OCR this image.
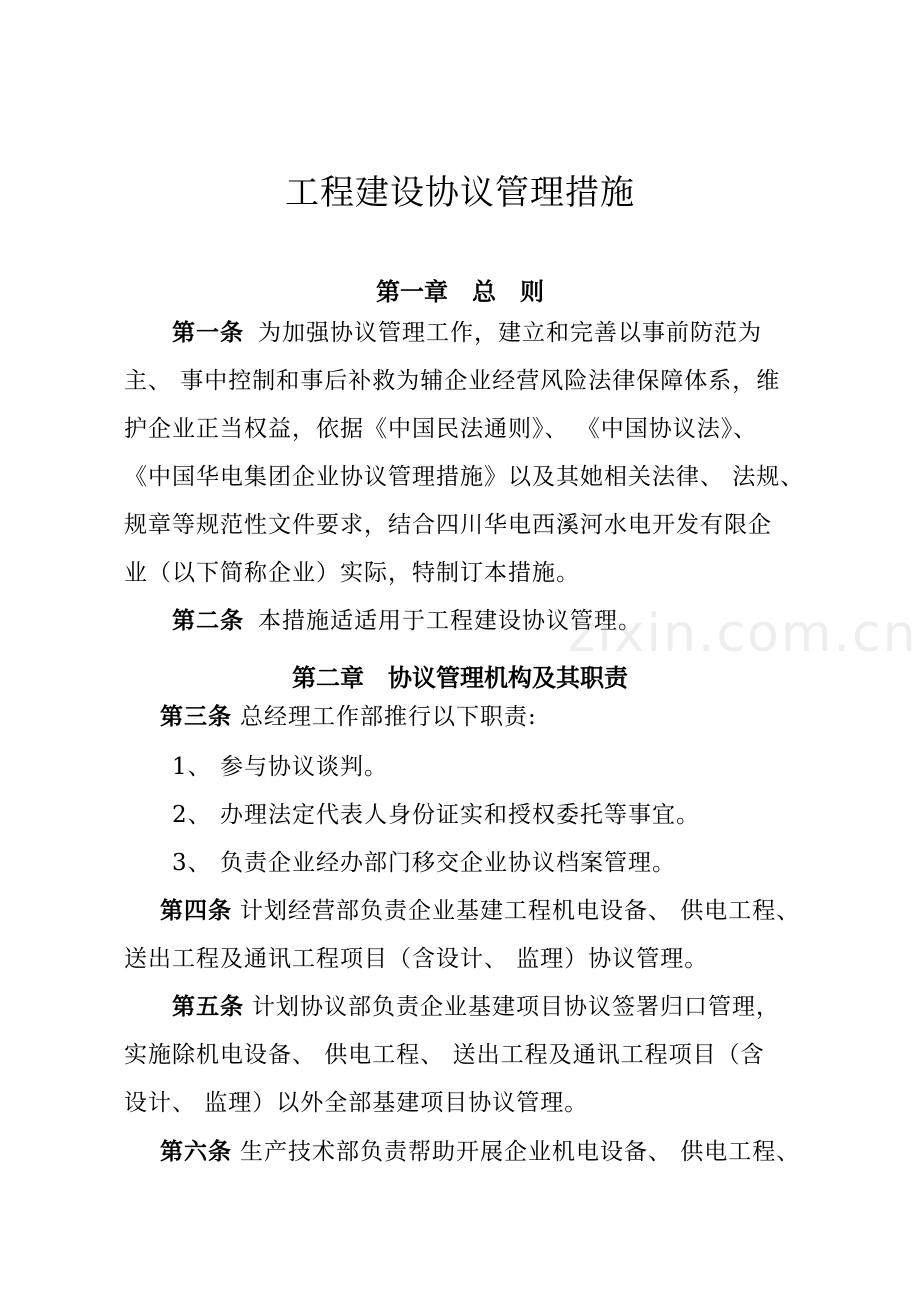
工程建设协议管理措施
第一章　总　则
第一条 为加强协议管理工作，建立和完善以事前防范为
主、 事中控制和事后补救为辅企业经营风险法律保障体系，维
护企业正当权益，依据《中国民法通则》、 《中国协议法》、
《中国华电集团企业协议管理措施》以及其她相关法律、 法规、
规章等规范性文件要求，结合四川华电西溪河水电开发有限企
业（以下简称企业）实际，特制订本措施。
第二条 本措施适适用于工程建设协议管理。
第二章　协议管理机构及其职责
第三条 总经理工作部推行以下职责:
1、 参与协议谈判。
2、 办理法定代表人身份证实和授权委托等事宜。
3、 负责企业经办部门移交企业协议档案管理。
第四条 计划经营部负责企业基建工程机电设备、 供电工程、
送出工程及通讯工程项目（含设计、 监理）协议管理。
第五条 计划协议部负责企业基建项目协议签署归口管理，
实施除机电设备、 供电工程、 送出工程及通讯工程项目（含
设计、 监理）以外全部基建项目协议管理。
第六条 生产技术部负责帮助开展企业机电设备、 供电工程、
zixin.com.cn
